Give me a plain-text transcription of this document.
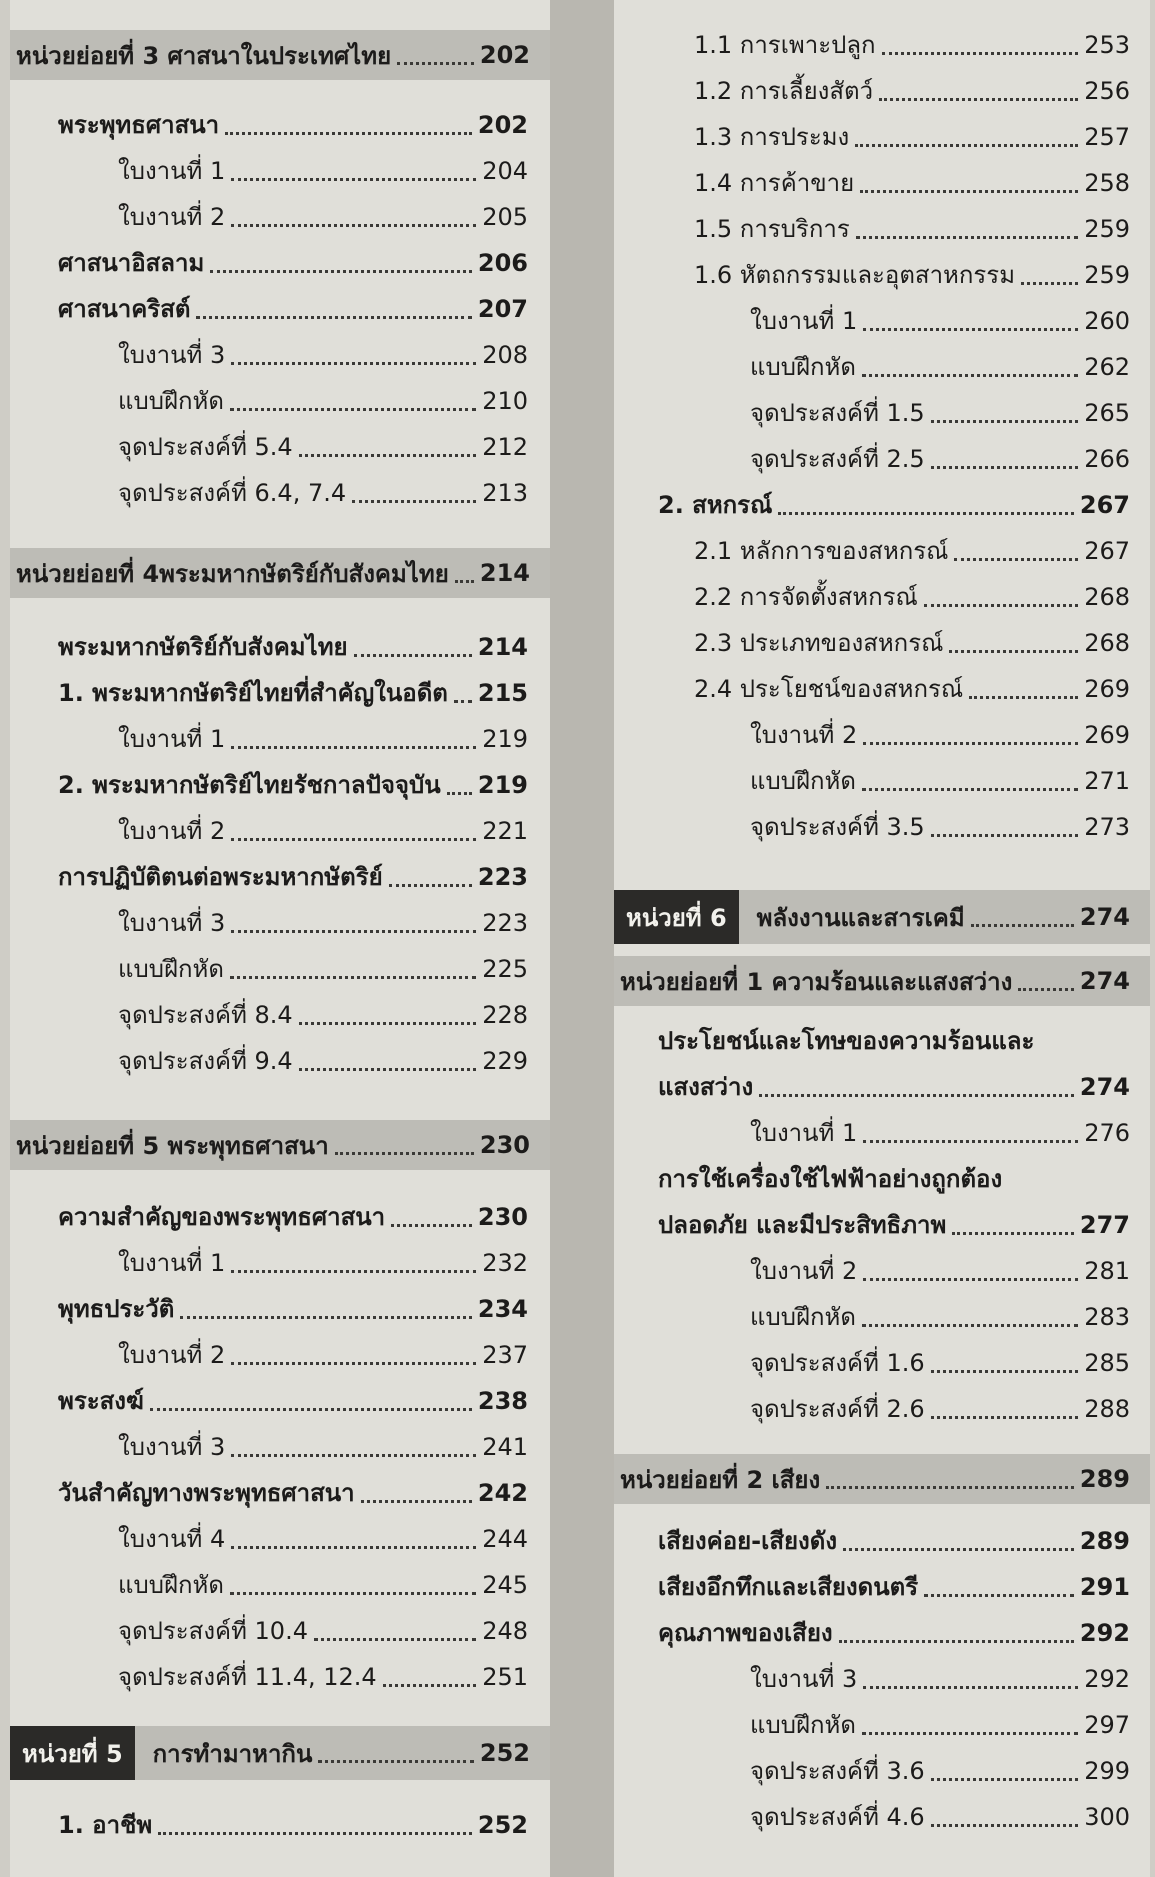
หน่วยย่อยที่ 3 ศาสนาในประเทศไทย	202
พระพุทธศาสนา	202
ใบงานที่ 1	204
ใบงานที่ 2	205
ศาสนาอิสลาม	206
ศาสนาคริสต์	207
ใบงานที่ 3	208
แบบฝึกหัด	210
จุดประสงค์ที่ 5.4	212
จุดประสงค์ที่ 6.4, 7.4	213
หน่วยย่อยที่ 4พระมหากษัตริย์กับสังคมไทย 214
พระมหากษัตริย์กับสังคมไทย	214
1. พระมหากษัตริย์ไทยที่สำคัญในอดีต 215
ใบงานที่ 1	219
2. พระมหากษัตริย์ไทยรัชกาลปัจจุบัน 219
ใบงานที่ 2	221
การปฏิบัติตนต่อพระมหากษัตริย์	223
ใบงานที่ 3	223
แบบฝึกหัด	225
จุดประสงค์ที่ 8.4	228
จุดประสงค์ที่ 9.4	229
หน่วยย่อยที่ 5 พระพุทธศาสนา	230
ความสำคัญของพระพุทธศาสนา	230
ใบงานที่ 1	232
พุทธประวัติ	234
ใบงานที่ 2	237
พระสงฆ์	238
ใบงานที่ 3	241
วันสำคัญทางพระพุทธศาสนา	242
ใบงานที่ 4	244
แบบฝึกหัด	245
จุดประสงค์ที่ 10.4	248
จุดประสงค์ที่ 11.4, 12.4	251
หน่วยที่ 5	การทำมาหากิน	252
1. อาชีพ	252
1.1 การเพาะปลูก	253
1.2 การเลี้ยงสัตว์	256
1.3 การประมง	257
1.4 การค้าขาย	258
1.5 การบริการ	259
1.6 หัตถกรรมและอุตสาหกรรม	259
ใบงานที่ 1	260
แบบฝึกหัด	262
จุดประสงค์ที่ 1.5	265
จุดประสงค์ที่ 2.5	266
2. สหกรณ์	267
2.1 หลักการของสหกรณ์	267
2.2 การจัดตั้งสหกรณ์	268
2.3 ประเภทของสหกรณ์	268
2.4 ประโยชน์ของสหกรณ์	269
ใบงานที่ 2	269
แบบฝึกหัด	271
จุดประสงค์ที่ 3.5	273
หน่วยที่ 6	พลังงานและสารเคมี	274
หน่วยย่อยที่ 1 ความร้อนและแสงสว่าง	274
ประโยชน์และโทษของความร้อนและ
แสงสว่าง	274
ใบงานที่ 1	276
การใช้เครื่องใช้ไฟฟ้าอย่างถูกต้อง
ปลอดภัย และมีประสิทธิภาพ	277
ใบงานที่ 2	281
แบบฝึกหัด	283
จุดประสงค์ที่ 1.6	285
จุดประสงค์ที่ 2.6	288
หน่วยย่อยที่ 2 เสียง	289
เสียงค่อย-เสียงดัง	289
เสียงอึกทึกและเสียงดนตรี	291
คุณภาพของเสียง	292
ใบงานที่ 3	292
แบบฝึกหัด	297
จุดประสงค์ที่ 3.6	299
จุดประสงค์ที่ 4.6	300
